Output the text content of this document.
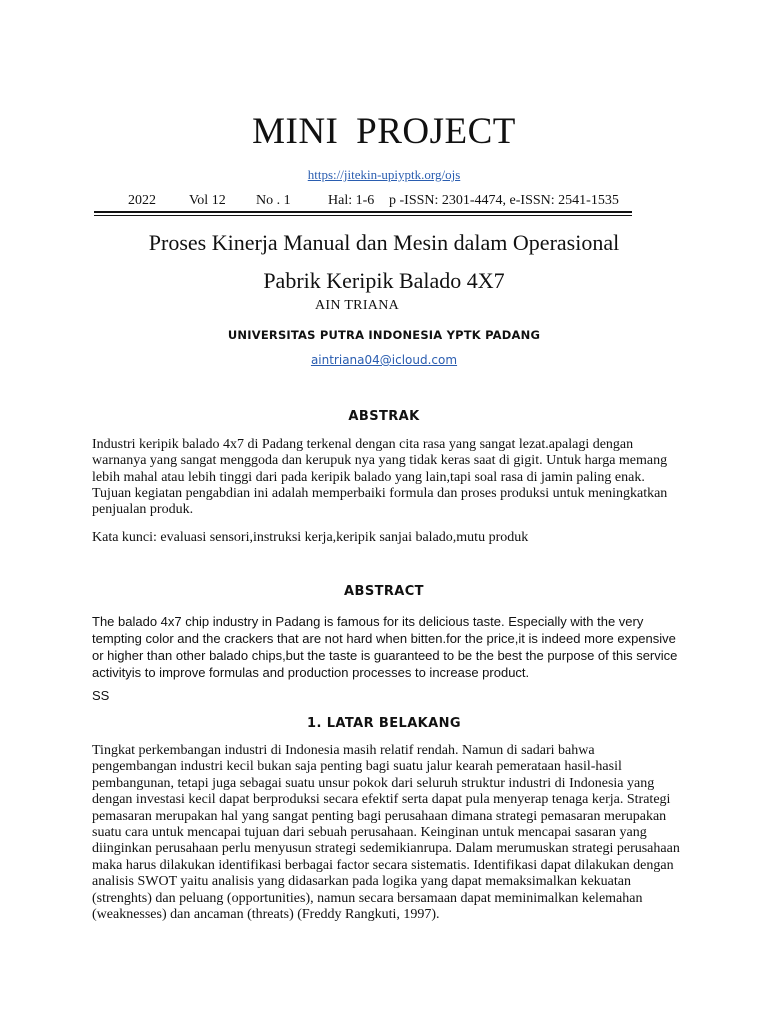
MINI PROJECT
https://jitekin-upiyptk.org/ojs
2022 Vol 12 No . 1	Hal: 1-6 p -ISSN: 2301-4474, e-ISSN: 2541-1535
Proses Kinerja Manual dan Mesin dalam Operasional
Pabrik Keripik Balado 4X7
AIN TRIANA
UNIVERSITAS PUTRA INDONESIA YPTK PADANG
aintriana04@icloud.com
ABSTRAK
Industri keripik balado 4x7 di Padang terkenal dengan cita rasa yang sangat lezat.apalagi dengan warnanya yang sangat menggoda dan kerupuk nya yang tidak keras saat di gigit. Untuk harga memang lebih mahal atau lebih tinggi dari pada keripik balado yang lain,tapi soal rasa di jamin paling enak. Tujuan kegiatan pengabdian ini adalah memperbaiki formula dan proses produksi untuk meningkatkan penjualan produk.
Kata kunci: evaluasi sensori,instruksi kerja,keripik sanjai balado,mutu produk
ABSTRACT
The balado 4x7 chip industry in Padang is famous for its delicious taste. Especially with the very tempting color and the crackers that are not hard when bitten.for the price,it is indeed more expensive or higher than other balado chips,but the taste is guaranteed to be the best the purpose of this service activityis to improve formulas and production processes to increase product.
SS
1. LATAR BELAKANG
Tingkat perkembangan industri di Indonesia masih relatif rendah. Namun di sadari bahwa pengembangan industri kecil bukan saja penting bagi suatu jalur kearah pemerataan hasil-hasil pembangunan, tetapi juga sebagai suatu unsur pokok dari seluruh struktur industri di Indonesia yang dengan investasi kecil dapat berproduksi secara efektif serta dapat pula menyerap tenaga kerja. Strategi pemasaran merupakan hal yang sangat penting bagi perusahaan dimana strategi pemasaran merupakan suatu cara untuk mencapai tujuan dari sebuah perusahaan. Keinginan untuk mencapai sasaran yang diinginkan perusahaan perlu menyusun strategi sedemikianrupa. Dalam merumuskan strategi perusahaan maka harus dilakukan identifikasi berbagai factor secara sistematis. Identifikasi dapat dilakukan dengan analisis SWOT yaitu analisis yang didasarkan pada logika yang dapat memaksimalkan kekuatan (strenghts) dan peluang (opportunities), namun secara bersamaan dapat meminimalkan kelemahan (weaknesses) dan ancaman (threats) (Freddy Rangkuti, 1997).
